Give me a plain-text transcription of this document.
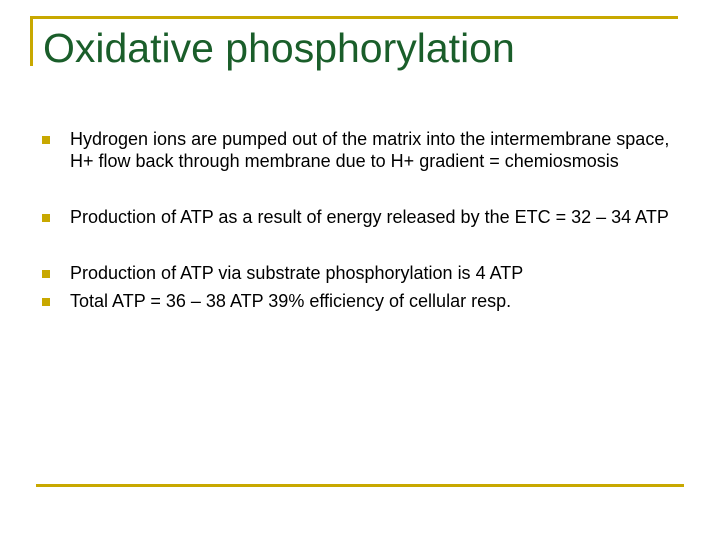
Oxidative phosphorylation
Hydrogen ions are pumped out of the matrix into the intermembrane space, H+ flow back through membrane due to H+ gradient = chemiosmosis
Production of ATP as a result of energy released by the ETC = 32 – 34 ATP
Production of ATP via substrate phosphorylation is 4 ATP
Total ATP = 36 – 38 ATP 39% efficiency of cellular resp.
